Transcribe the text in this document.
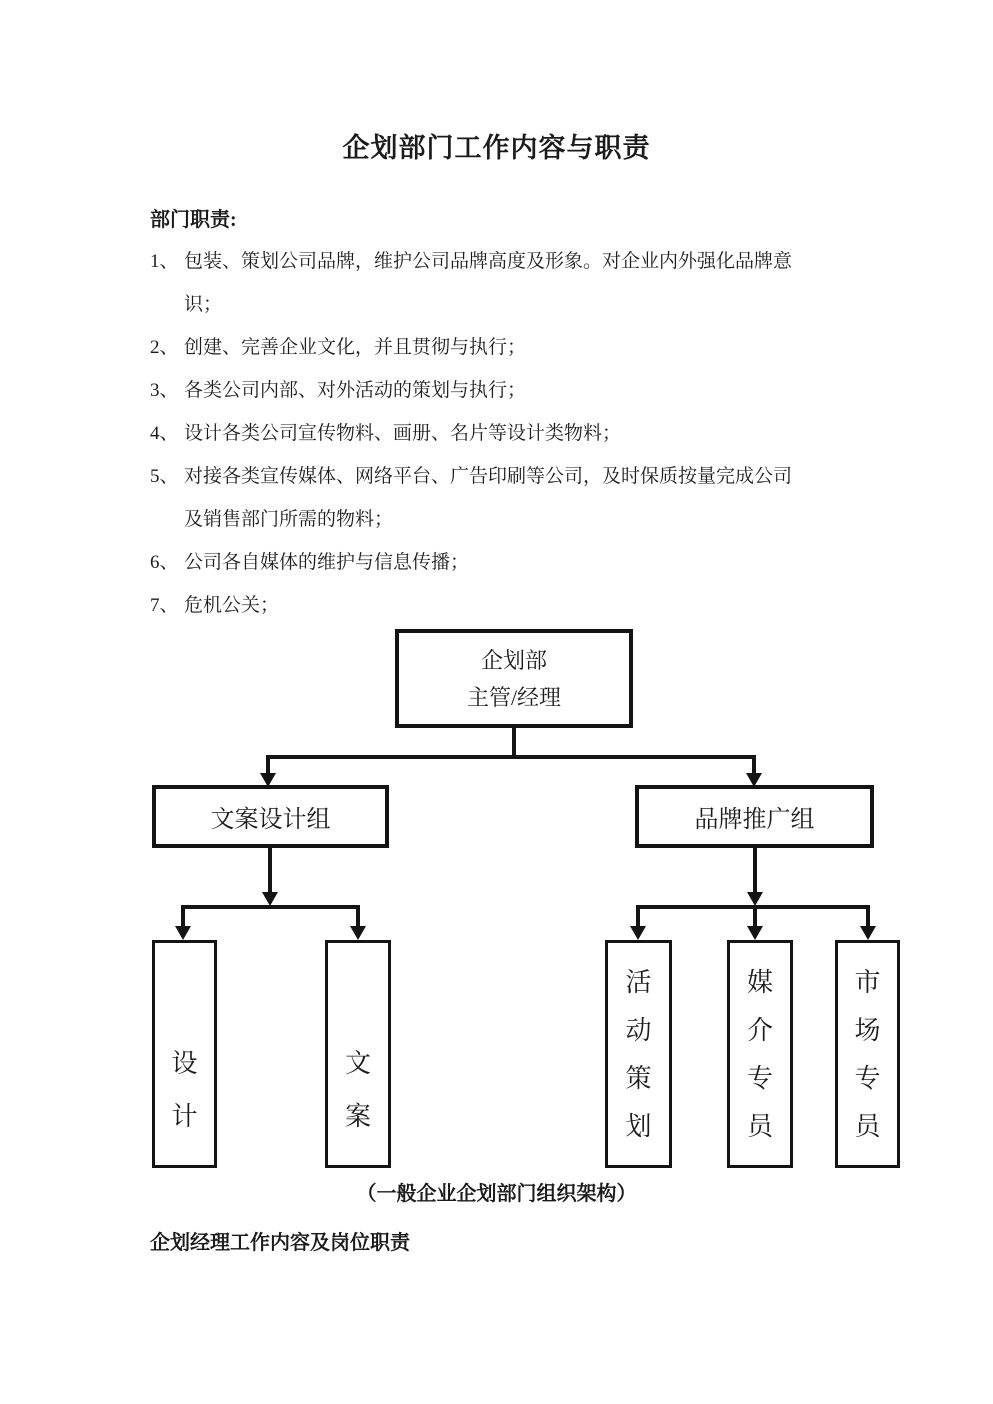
企划部门工作内容与职责
部门职责:
1、 包装、策划公司品牌，维护公司品牌高度及形象。对企业内外强化品牌意
识；
2、 创建、完善企业文化，并且贯彻与执行；
3、 各类公司内部、对外活动的策划与执行；
4、 设计各类公司宣传物料、画册、名片等设计类物料；
5、 对接各类宣传媒体、网络平台、广告印刷等公司，及时保质按量完成公司
及销售部门所需的物料；
6、 公司各自媒体的维护与信息传播；
7、 危机公关；
企划部
主管/经理
文案设计组	品牌推广组
设计
文案
活动策划
媒介专员
市场专员
（一般企业企划部门组织架构）
企划经理工作内容及岗位职责
